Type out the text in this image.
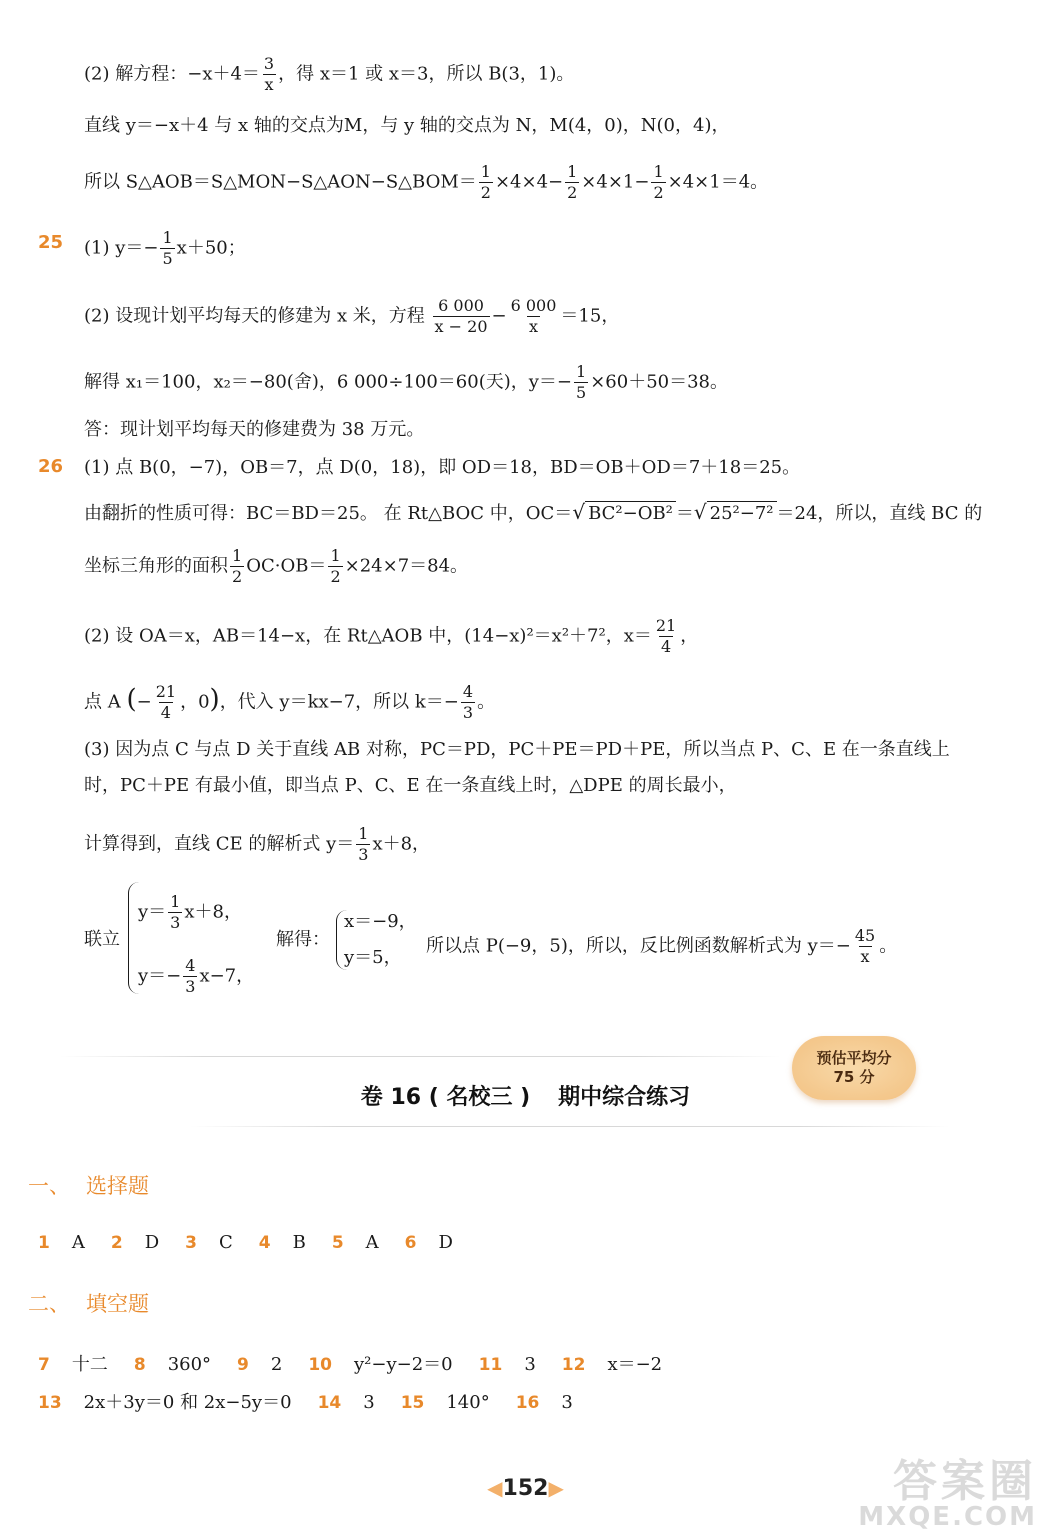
(2) 解方程：$-x+4= \frac{3}{x}$ ，得 x＝1 或 x＝3，所以 B(3，1)。
直线 y＝−x＋4 与 x 轴的交点为M，与 y 轴的交点为 N，M(4，0)，N(0，4)，
所以 S△AOB＝S△MON−S△AON−S△BOM＝ $\frac{1}{2} \times 4\times 4- \frac{1}{2} \times 4\times 1- \frac{1}{2} \times 4\times 1=4$。
25 (1) $y=- \frac{1}{5} x+50$；
(2) 设现计划平均每天的修建为 x 米，方程 $\frac{6 000}{x - 20} - \frac{6 000}{x} =15$，
解得 x₁＝100，x₂＝−80(舍)，6 000÷100＝60(天)，$y=- \frac{1}{5} \times 60+50=38$。
答：现计划平均每天的修建费为 38 万元。
26 (1) 点 B(0，−7)，OB＝7，点 D(0，18)，即 OD＝18，BD＝OB＋OD＝7＋18＝25。
由翻折的性质可得：BC＝BD＝25。 在 Rt△BOC 中，OC＝√ BC²−OB² ＝√ 25²−7² ＝24，所以，直线 BC 的
坐标三角形的面积 $\frac{1}{2} OC\cdot OB= \frac{1}{2} \times 24\times 7=84$。
(2) 设 OA＝x，AB＝14−x，在 Rt△AOB 中，(14−x)²＝x²＋7²，$x= \frac{21}{4}$ ，
点 A (− $\frac{21}{4}$ ，0)，代入 y＝kx−7，所以 $k=- \frac{4}{3}$ 。
(3) 因为点 C 与点 D 关于直线 AB 对称，PC＝PD，PC＋PE＝PD＋PE，所以当点 P、C、E 在一条直线上
时，PC＋PE 有最小值，即当点 P、C、E 在一条直线上时，△DPE 的周长最小，
计算得到，直线 CE 的解析式 $y= \frac{1}{3} x+8$，
联立
$y= \frac{1}{3} x+8$，
$y=- \frac{4}{3} x-7$，
解得：
x＝−9，
y＝5，
所以点 P(−9，5)，所以，反比例函数解析式为 $y=- \frac{45}{x}$ 。
预估平均分
75 分
卷 16 ( 名校三 ) 期中综合练习
一、 选择题
1 A 2 D 3 C 4 B 5 A 6 D
二、 填空题
7 十二 8 360° 9 2 10 y²−y−2＝0 11 3 12 x＝−2
13 2x＋3y＝0 和 2x−5y＝0 14 3 15 140° 16 3
◀152▶	答案圈
MXQE.COM
